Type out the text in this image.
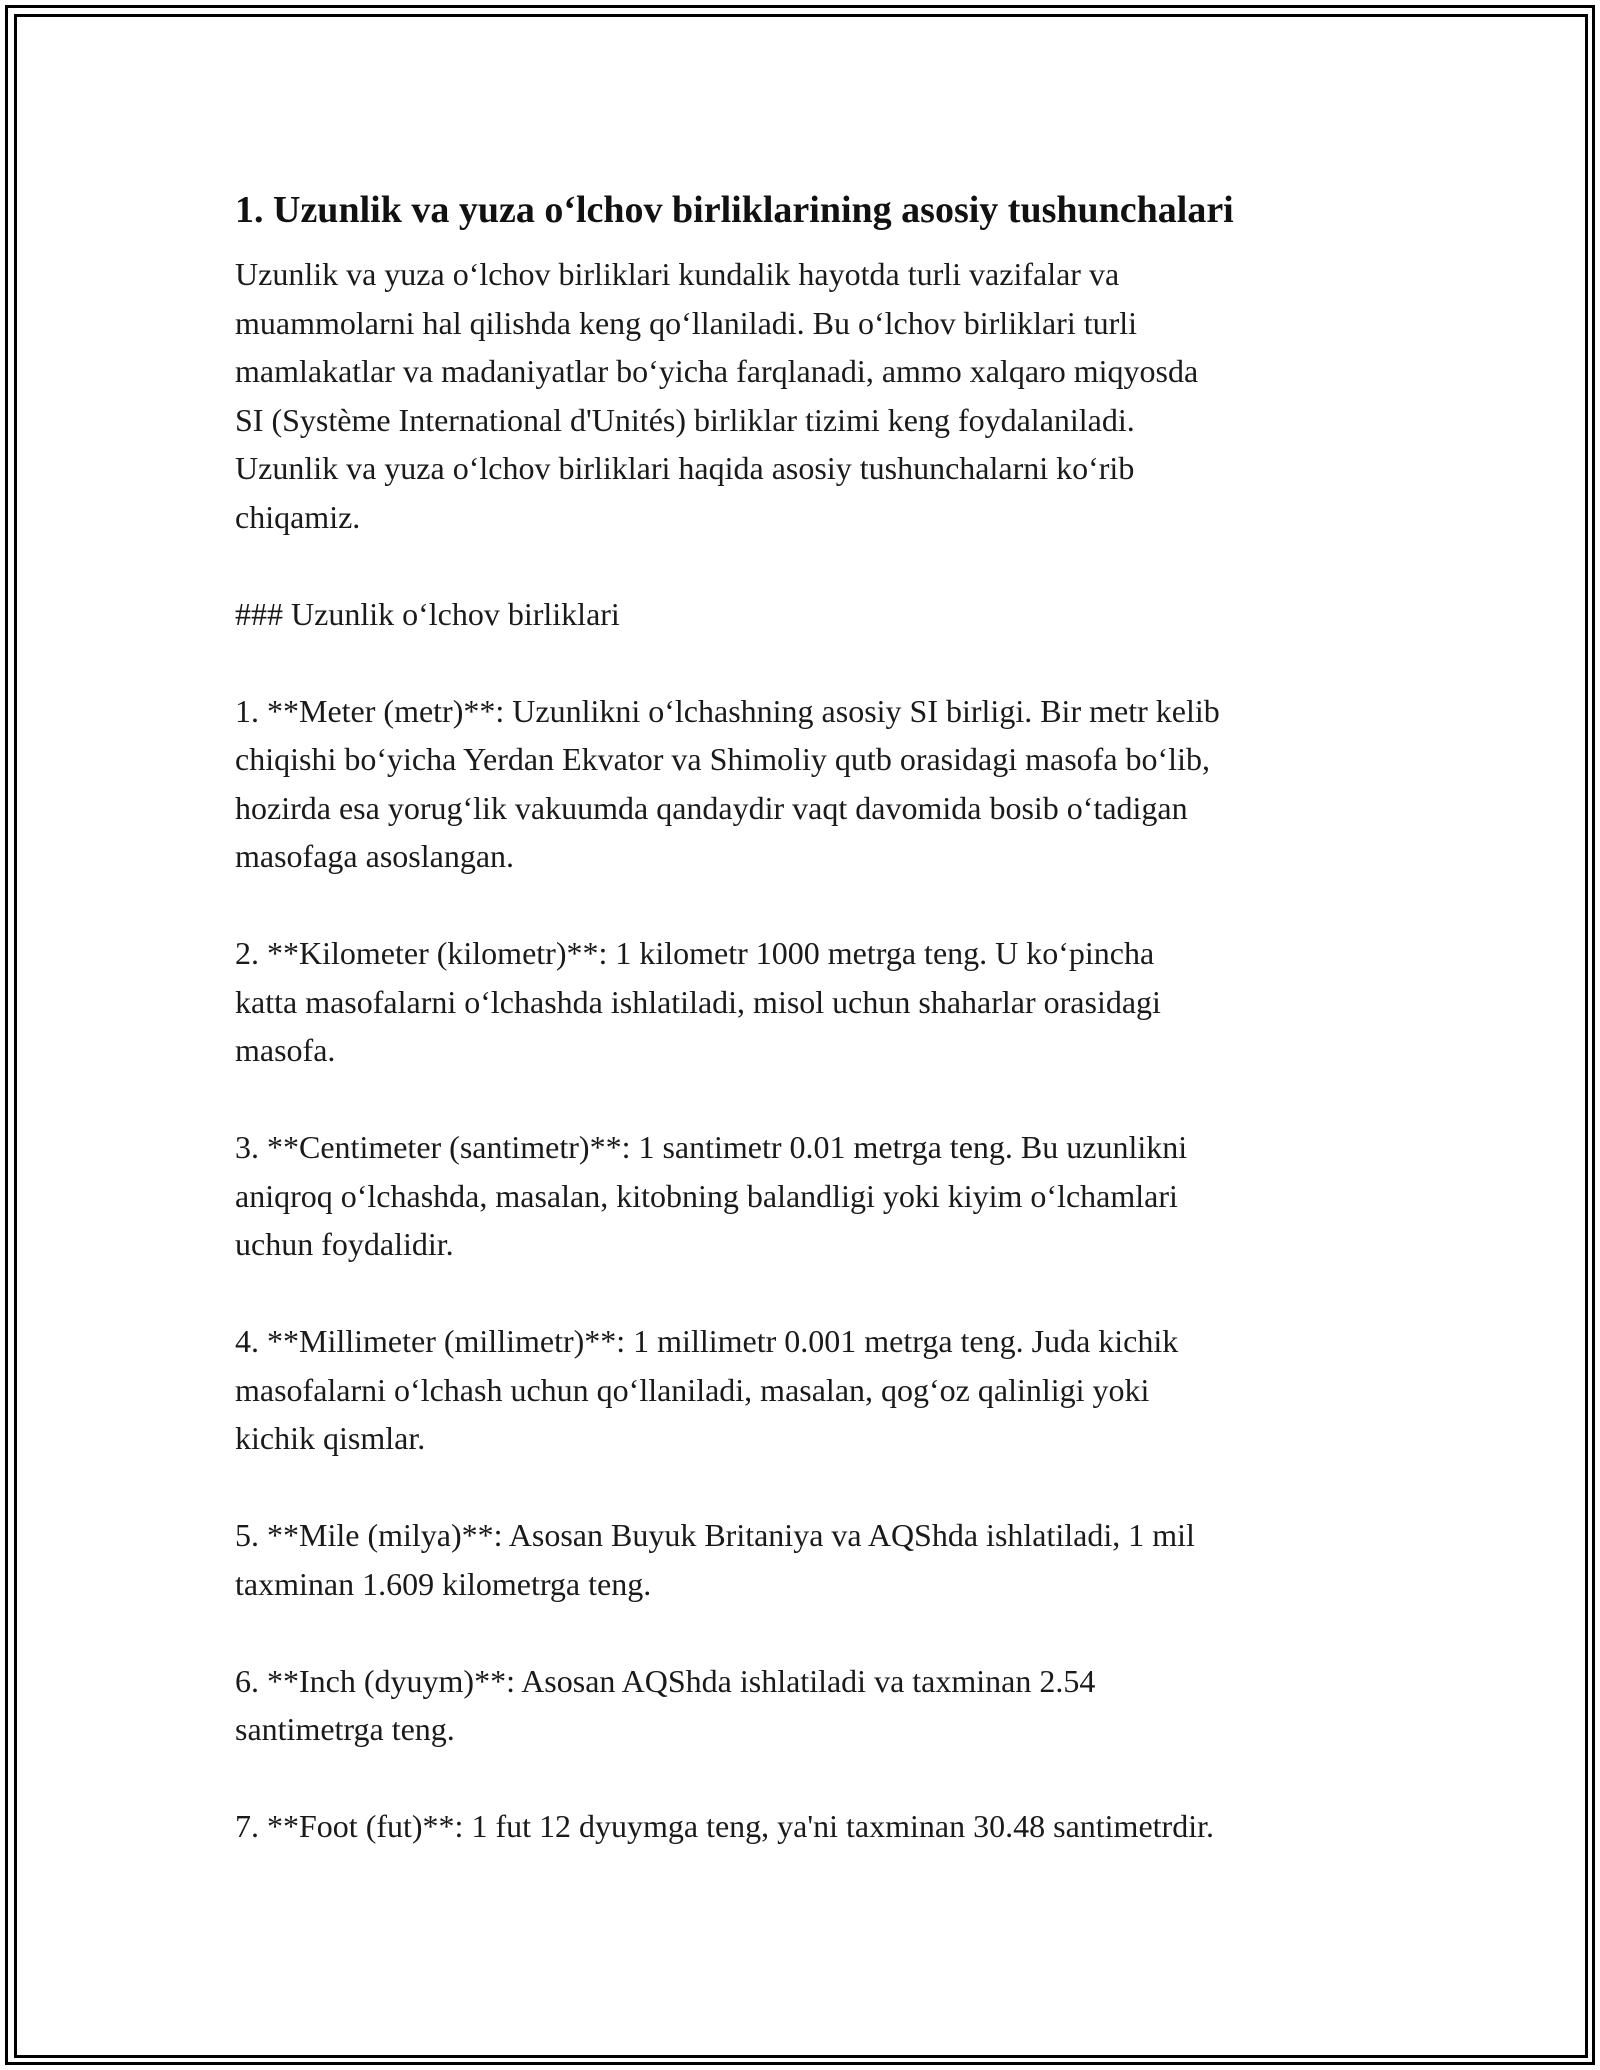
1. Uzunlik va yuza o‘lchov birliklarining asosiy tushunchalari

Uzunlik va yuza o‘lchov birliklari kundalik hayotda turli vazifalar va
muammolarni hal qilishda keng qo‘llaniladi. Bu o‘lchov birliklari turli
mamlakatlar va madaniyatlar bo‘yicha farqlanadi, ammo xalqaro miqyosda
SI (Système International d'Unités) birliklar tizimi keng foydalaniladi.
Uzunlik va yuza o‘lchov birliklari haqida asosiy tushunchalarni ko‘rib
chiqamiz.

### Uzunlik o‘lchov birliklari

1. **Meter (metr)**: Uzunlikni o‘lchashning asosiy SI birligi. Bir metr kelib
chiqishi bo‘yicha Yerdan Ekvator va Shimoliy qutb orasidagi masofa bo‘lib,
hozirda esa yorug‘lik vakuumda qandaydir vaqt davomida bosib o‘tadigan
masofaga asoslangan.

2. **Kilometer (kilometr)**: 1 kilometr 1000 metrga teng. U ko‘pincha
katta masofalarni o‘lchashda ishlatiladi, misol uchun shaharlar orasidagi
masofa.

3. **Centimeter (santimetr)**: 1 santimetr 0.01 metrga teng. Bu uzunlikni
aniqroq o‘lchashda, masalan, kitobning balandligi yoki kiyim o‘lchamlari
uchun foydalidir.

4. **Millimeter (millimetr)**: 1 millimetr 0.001 metrga teng. Juda kichik
masofalarni o‘lchash uchun qo‘llaniladi, masalan, qog‘oz qalinligi yoki
kichik qismlar.

5. **Mile (milya)**: Asosan Buyuk Britaniya va AQShda ishlatiladi, 1 mil
taxminan 1.609 kilometrga teng.

6. **Inch (dyuym)**: Asosan AQShda ishlatiladi va taxminan 2.54
santimetrga teng.

7. **Foot (fut)**: 1 fut 12 dyuymga teng, ya'ni taxminan 30.48 santimetrdir.
